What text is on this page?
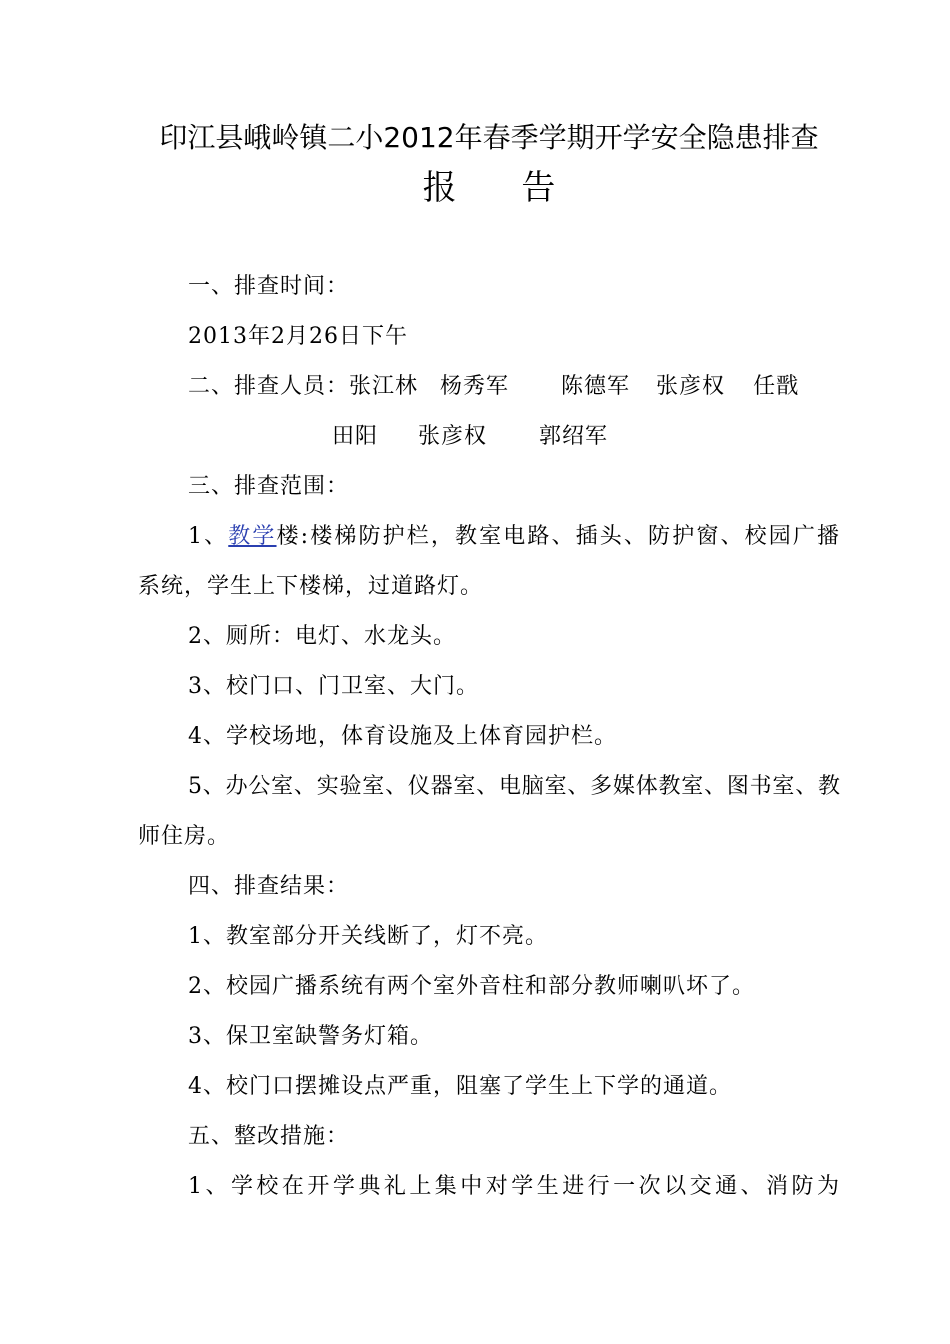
印江县峨岭镇二小2012年春季学期开学安全隐患排查
报      告
一、排查时间：
2013年2月26日下午
二、排查人员：张江林 杨秀军 陈德军 张彦权 任戬
田阳 张彦权 郭绍军
三、排查范围：
1、教学楼:楼梯防护栏，教室电路、插头、防护窗、校园广播
系统，学生上下楼梯，过道路灯。
2、厕所：电灯、水龙头。
3、校门口、门卫室、大门。
4、学校场地，体育设施及上体育园护栏。
5、办公室、实验室、仪器室、电脑室、多媒体教室、图书室、教
师住房。
四、排查结果：
1、教室部分开关线断了，灯不亮。
2、校园广播系统有两个室外音柱和部分教师喇叭坏了。
3、保卫室缺警务灯箱。
4、校门口摆摊设点严重，阻塞了学生上下学的通道。
五、整改措施：
1、学校在开学典礼上集中对学生进行一次以交通、消防为
